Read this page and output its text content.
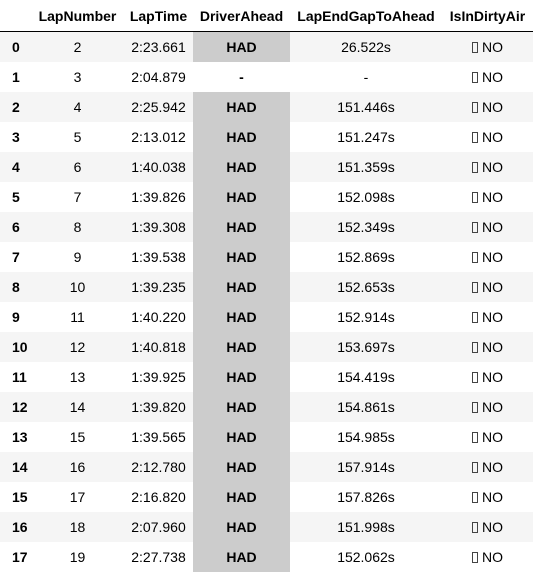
	LapNumber	LapTime	DriverAhead	LapEndGapToAhead	IsInDirtyAir
0	2	2:23.661	HAD	26.522s	NO
1	3	2:04.879	-	-	NO
2	4	2:25.942	HAD	151.446s	NO
3	5	2:13.012	HAD	151.247s	NO
4	6	1:40.038	HAD	151.359s	NO
5	7	1:39.826	HAD	152.098s	NO
6	8	1:39.308	HAD	152.349s	NO
7	9	1:39.538	HAD	152.869s	NO
8	10	1:39.235	HAD	152.653s	NO
9	11	1:40.220	HAD	152.914s	NO
10	12	1:40.818	HAD	153.697s	NO
11	13	1:39.925	HAD	154.419s	NO
12	14	1:39.820	HAD	154.861s	NO
13	15	1:39.565	HAD	154.985s	NO
14	16	2:12.780	HAD	157.914s	NO
15	17	2:16.820	HAD	157.826s	NO
16	18	2:07.960	HAD	151.998s	NO
17	19	2:27.738	HAD	152.062s	NO
